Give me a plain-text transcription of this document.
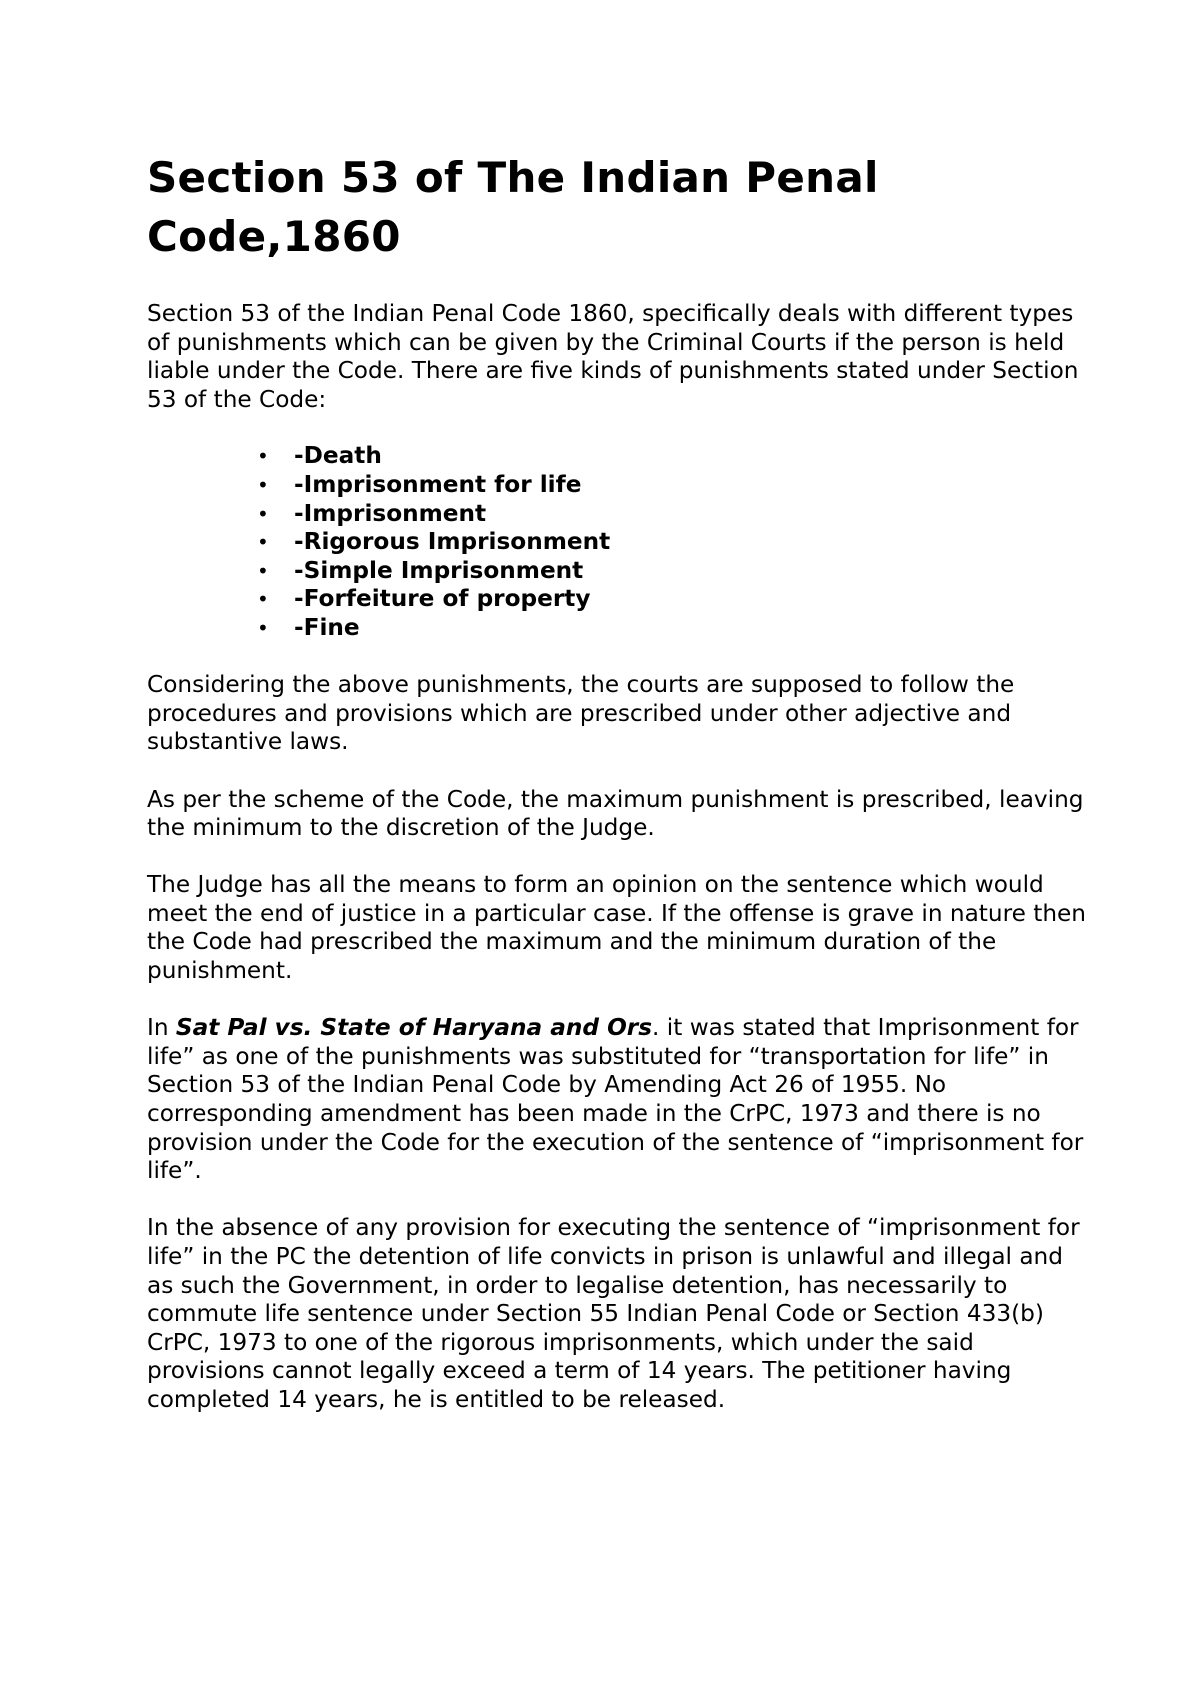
Section 53 of The Indian Penal Code,1860

Section 53 of the Indian Penal Code 1860, specifically deals with different types of punishments which can be given by the Criminal Courts if the person is held liable under the Code. There are five kinds of punishments stated under Section 53 of the Code:

• -Death
• -Imprisonment for life
• -Imprisonment
• -Rigorous Imprisonment
• -Simple Imprisonment
• -Forfeiture of property
• -Fine

Considering the above punishments, the courts are supposed to follow the procedures and provisions which are prescribed under other adjective and substantive laws.

As per the scheme of the Code, the maximum punishment is prescribed, leaving the minimum to the discretion of the Judge.

The Judge has all the means to form an opinion on the sentence which would meet the end of justice in a particular case. If the offense is grave in nature then the Code had prescribed the maximum and the minimum duration of the punishment.

In Sat Pal vs. State of Haryana and Ors. it was stated that Imprisonment for life” as one of the punishments was substituted for “transportation for life” in Section 53 of the Indian Penal Code by Amending Act 26 of 1955. No corresponding amendment has been made in the CrPC, 1973 and there is no provision under the Code for the execution of the sentence of “imprisonment for life”.

In the absence of any provision for executing the sentence of “imprisonment for life” in the PC the detention of life convicts in prison is unlawful and illegal and as such the Government, in order to legalise detention, has necessarily to commute life sentence under Section 55 Indian Penal Code or Section 433(b) CrPC, 1973 to one of the rigorous imprisonments, which under the said provisions cannot legally exceed a term of 14 years. The petitioner having completed 14 years, he is entitled to be released.
